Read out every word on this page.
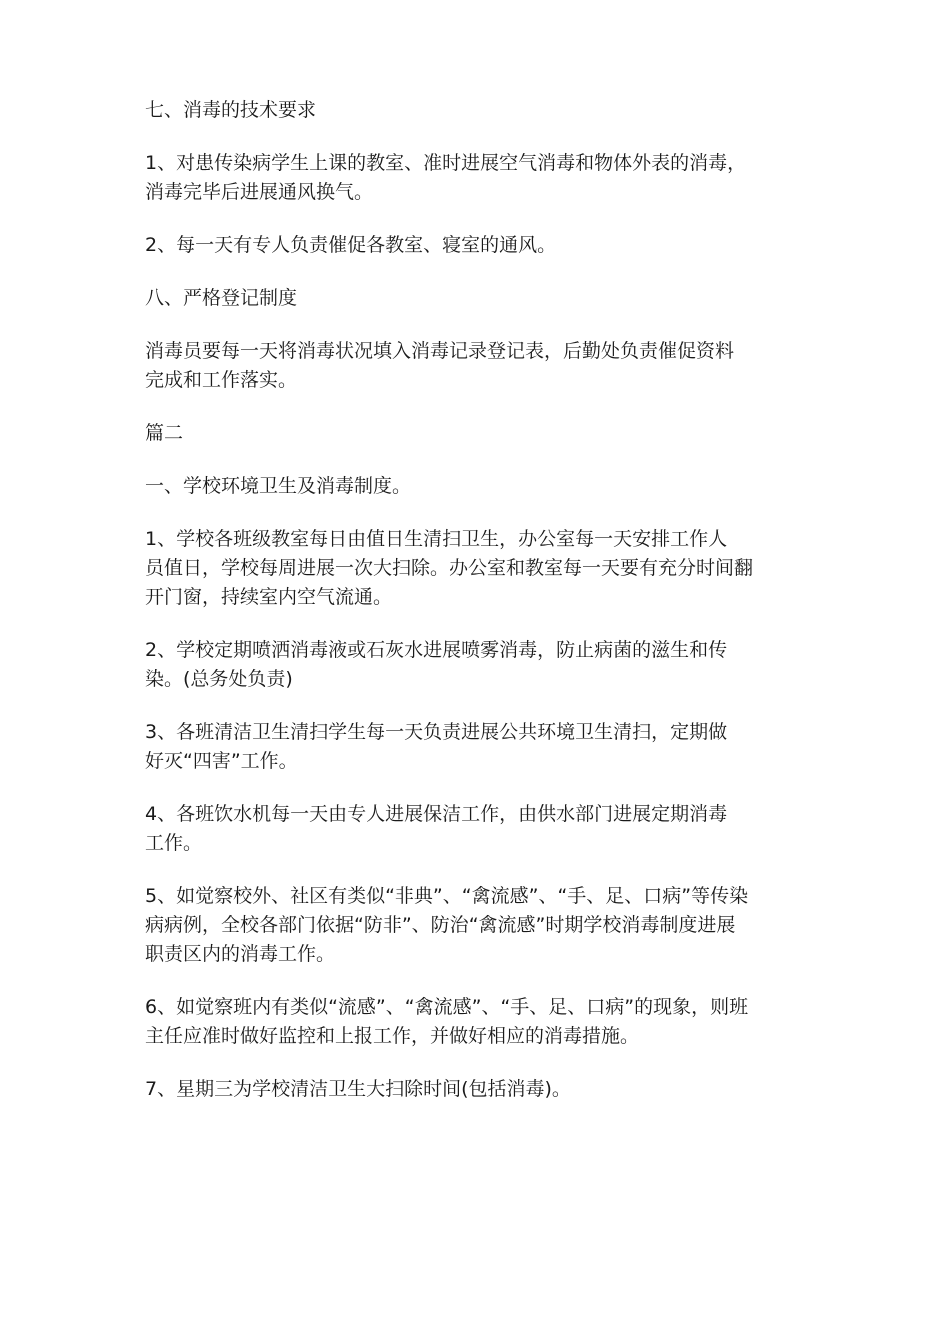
七、消毒的技术要求

1、对患传染病学生上课的教室、准时进展空气消毒和物体外表的消毒，
消毒完毕后进展通风换气。

2、每一天有专人负责催促各教室、寝室的通风。

八、严格登记制度

消毒员要每一天将消毒状况填入消毒记录登记表，后勤处负责催促资料
完成和工作落实。

篇二

一、学校环境卫生及消毒制度。

1、学校各班级教室每日由值日生清扫卫生，办公室每一天安排工作人
员值日，学校每周进展一次大扫除。办公室和教室每一天要有充分时间翻
开门窗，持续室内空气流通。

2、学校定期喷洒消毒液或石灰水进展喷雾消毒，防止病菌的滋生和传
染。(总务处负责)

3、各班清洁卫生清扫学生每一天负责进展公共环境卫生清扫，定期做
好灭“四害”工作。

4、各班饮水机每一天由专人进展保洁工作，由供水部门进展定期消毒
工作。

5、如觉察校外、社区有类似“非典”、“禽流感”、“手、足、口病”等传染
病病例，全校各部门依据“防非”、防治“禽流感”时期学校消毒制度进展
职责区内的消毒工作。

6、如觉察班内有类似“流感”、“禽流感”、“手、足、口病”的现象，则班
主任应准时做好监控和上报工作，并做好相应的消毒措施。

7、星期三为学校清洁卫生大扫除时间(包括消毒)。
